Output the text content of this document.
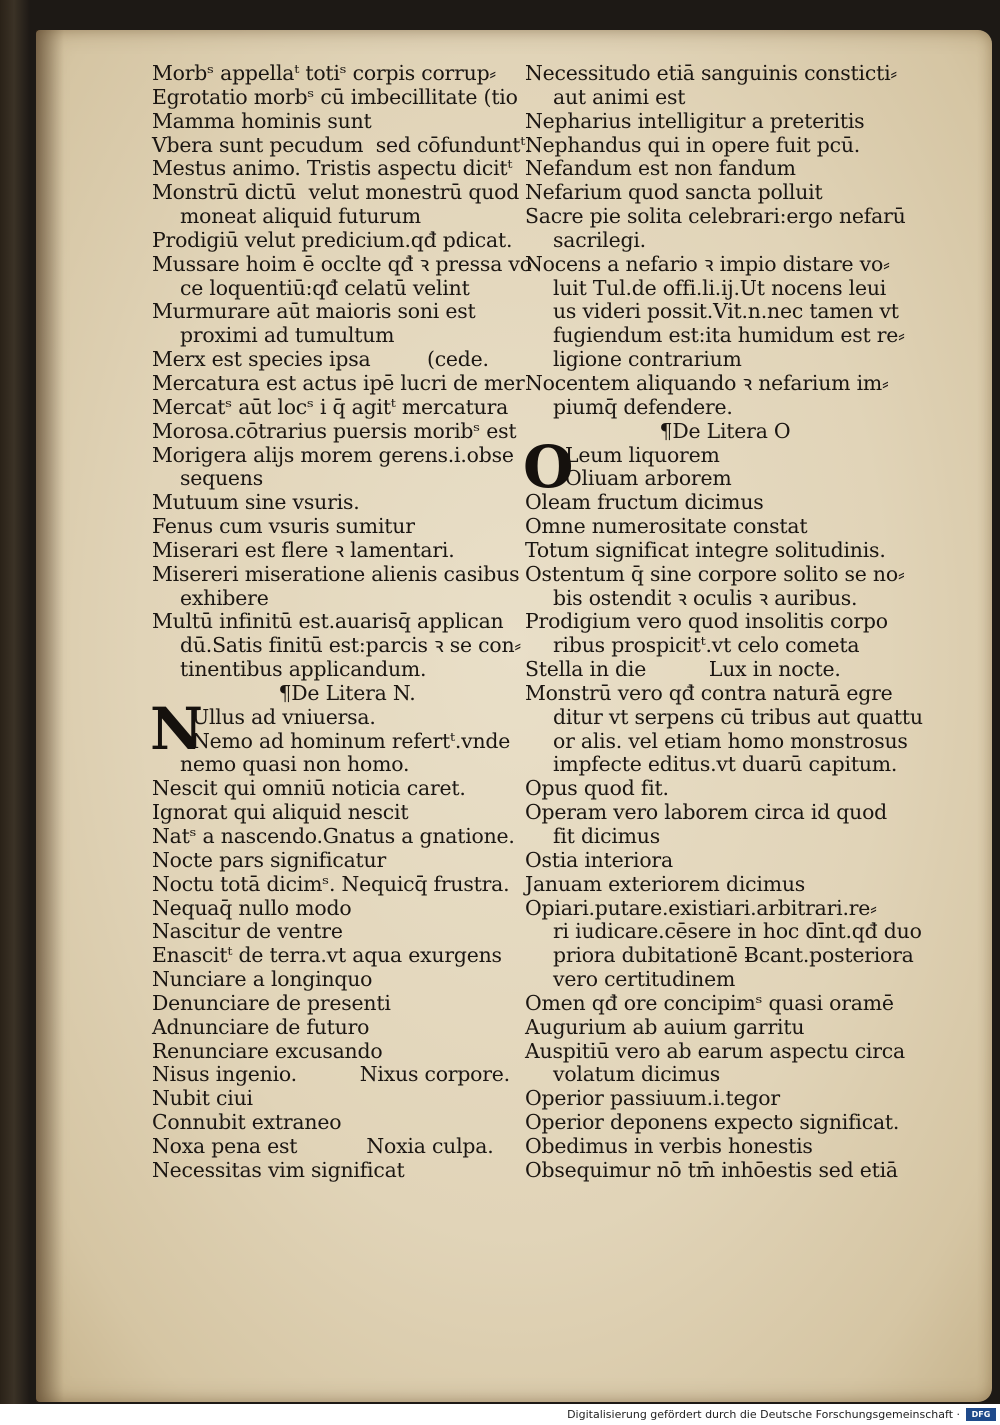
Morbˢ appellaᵗ totiˢ corpis corrup⸗
Egrotatio morbˢ cū imbecillitate (tio
Mamma hominis sunt
Vbera sunt pecudum  sed cōfunduntᵗ.
Mestus animo. Tristis aspectu dicitᵗ
Monstrū dictū  velut monestrū quod
moneat aliquid futurum
Prodigiū velut predicium.qđ pdicat.
Mussare hoim ē occlte qđ ꝛ pressa vo
ce loquentiū:qđ celatū velint
Murmurare aūt maioris soni est
proximi ad tumultum
Merx est species ipsa         (cede.
Mercatura est actus ipē lucri de mer
Mercatˢ aūt locˢ i q̄ agitᵗ mercatura
Morosa.cōtrarius puersis moribˢ est
Morigera alijs morem gerens.i.obse
sequens
Mutuum sine vsuris.
Fenus cum vsuris sumitur
Miserari est flere ꝛ lamentari.
Misereri miseratione alienis casibus
exhibere
Multū infinitū est.auarisq̄ applican
dū.Satis finitū est:parcis ꝛ se con⸗
tinentibus applicandum.
¶De Litera N.
N
Ullus ad vniuersa.
Nemo ad hominum refertᵗ.vnde
nemo quasi non homo.
Nescit qui omniū noticia caret.
Ignorat qui aliquid nescit
Natˢ a nascendo.Gnatus a gnatione.
Nocte pars significatur
Noctu totā dicimˢ. Nequicq̄ frustra.
Nequaq̄ nullo modo
Nascitur de ventre
Enascitᵗ de terra.vt aqua exurgens
Nunciare a longinquo
Denunciare de presenti
Adnunciare de futuro
Renunciare excusando
Nisus ingenio.          Nixus corpore.
Nubit ciui
Connubit extraneo
Noxa pena est           Noxia culpa.
Necessitas vim significat
Necessitudo etiā sanguinis consticti⸗
aut animi est
Nepharius intelligitur a preteritis
Nephandus qui in opere fuit pcū.
Nefandum est non fandum
Nefarium quod sancta polluit
Sacre pie solita celebrari:ergo nefarū
sacrilegi.
Nocens a nefario ꝛ impio distare vo⸗
luit Tul.de offi.li.ij.Ut nocens leui
us videri possit.Vit.n.nec tamen vt
fugiendum est:ita humidum est re⸗
ligione contrarium
Nocentem aliquando ꝛ nefarium im⸗
piumq̄ defendere.
¶De Litera O
O
Leum liquorem
Oliuam arborem
Oleam fructum dicimus
Omne numerositate constat
Totum significat integre solitudinis.
Ostentum q̄ sine corpore solito se no⸗
bis ostendit ꝛ oculis ꝛ auribus.
Prodigium vero quod insolitis corpo
ribus prospicitᵗ.vt celo cometa
Stella in die          Lux in nocte.
Monstrū vero qđ contra naturā egre
ditur vt serpens cū tribus aut quattu
or alis. vel etiam homo monstrosus
impfecte editus.vt duarū capitum.
Opus quod fit.
Operam vero laborem circa id quod
fit dicimus
Ostia interiora
Januam exteriorem dicimus
Opiari.putare.existiari.arbitrari.re⸗
ri iudicare.cēsere in hoc dīnt.qđ duo
priora dubitationē Ƀcant.posteriora
vero certitudinem
Omen qđ ore concipimˢ quasi oramē
Augurium ab auium garritu
Auspitiū vero ab earum aspectu circa
volatum dicimus
Operior passiuum.i.tegor
Operior deponens expecto significat.
Obedimus in verbis honestis
Obsequimur nō tm̄ inhōestis sed etiā
Digitalisierung gefördert durch die Deutsche Forschungsgemeinschaft ·	DFG
